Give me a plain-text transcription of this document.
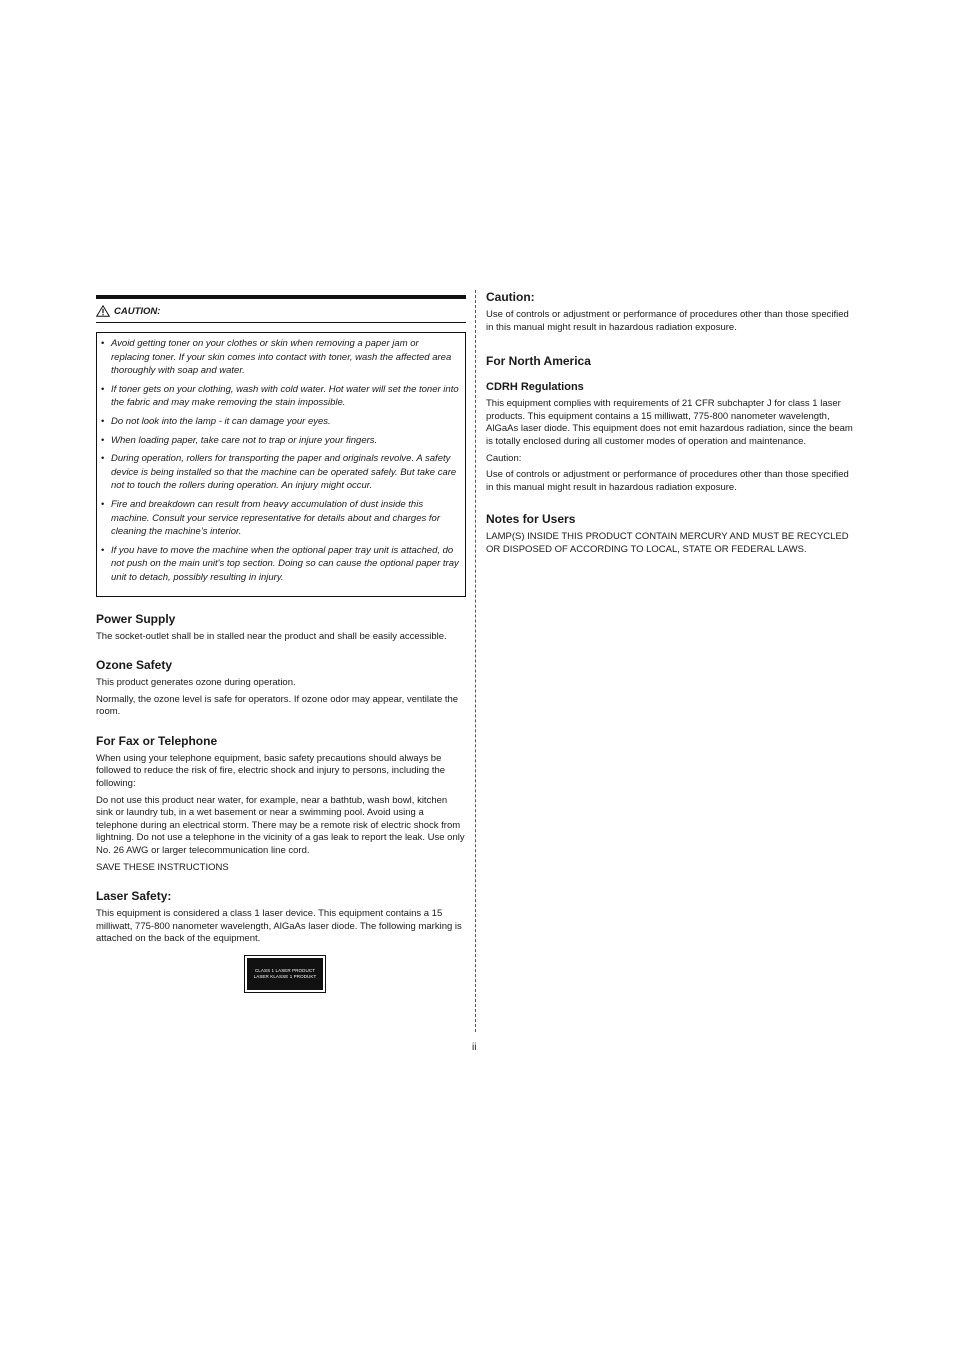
CAUTION:
• Avoid getting toner on your clothes or skin when removing a paper jam or replacing toner. If your skin comes into contact with toner, wash the affected area thoroughly with soap and water.
• If toner gets on your clothing, wash with cold water. Hot water will set the toner into the fabric and may make removing the stain impossible.
• Do not look into the lamp - it can damage your eyes.
• When loading paper, take care not to trap or injure your fingers.
• During operation, rollers for transporting the paper and originals revolve. A safety device is being installed so that the machine can be operated safely. But take care not to touch the rollers during operation. An injury might occur.
• Fire and breakdown can result from heavy accumulation of dust inside this machine. Consult your service representative for details about and charges for cleaning the machine’s interior.
• If you have to move the machine when the optional paper tray unit is attached, do not push on the main unit's top section. Doing so can cause the optional paper tray unit to detach, possibly resulting in injury.
Power Supply

The socket-outlet shall be in stalled near the product and shall be easily accessible.

Ozone Safety

This product generates ozone during operation.

Normally, the ozone level is safe for operators. If ozone odor may appear, ventilate the room.

For Fax or Telephone

When using your telephone equipment, basic safety precautions should always be followed to reduce the risk of fire, electric shock and injury to persons, including the following:

Do not use this product near water, for example, near a bathtub, wash bowl, kitchen sink or laundry tub, in a wet basement or near a swimming pool. Avoid using a telephone during an electrical storm. There may be a remote risk of electric shock from lightning. Do not use a telephone in the vicinity of a gas leak to report the leak. Use only No. 26 AWG or larger telecommunication line cord.

SAVE THESE INSTRUCTIONS

Laser Safety:

This equipment is considered a class 1 laser device. This equipment contains a 15 milliwatt, 775-800 nanometer wavelength, AlGaAs laser diode. The following marking is attached on the back of the equipment.

CLASS 1 LASER PRODUCT
LASER KLASSE 1 PRODUKT
Caution:

Use of controls or adjustment or performance of procedures other than those specified in this manual might result in hazardous radiation exposure.

For North America
CDRH Regulations

This equipment complies with requirements of 21 CFR subchapter J for class 1 laser products. This equipment contains a 15 milliwatt, 775-800 nanometer wavelength, AlGaAs laser diode. This equipment does not emit hazardous radiation, since the beam is totally enclosed during all customer modes of operation and maintenance.

Caution:

Use of controls or adjustment or performance of procedures other than those specified in this manual might result in hazardous radiation exposure.

Notes for Users

LAMP(S) INSIDE THIS PRODUCT CONTAIN MERCURY AND MUST BE RECYCLED OR DISPOSED OF ACCORDING TO LOCAL, STATE OR FEDERAL LAWS.

ii
